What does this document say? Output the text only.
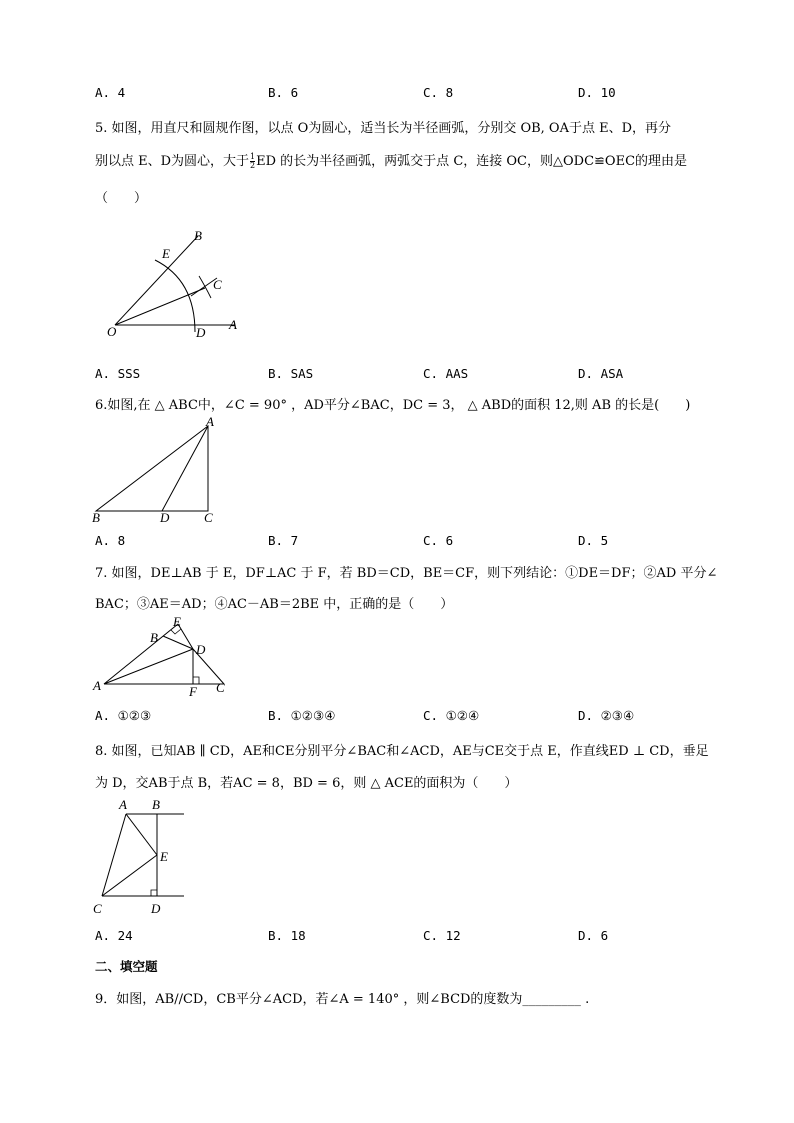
A. 4	B. 6	C. 8	D. 10
5. 如图，用直尺和圆规作图，以点 O为圆心，适当长为半径画弧，分别交 OB, OA于点 E、D，再分
别以点 E、D为圆心，大于 $\frac{1}{2}$ ED 的长为半径画弧，两弧交于点 C，连接 OC，则△ODC≌OEC的理由是
（　　）
B
E
C
O	D
A
A. SSS	B. SAS	C. AAS	D. ASA
6.如图,在 △ ABC中，∠C = 90° ，AD平分∠BAC，DC = 3， △ ABD的面积 12,则 AB 的长是(　　)
A
B	D	C
A. 8	B. 7	C. 6	D. 5
7. 如图，DE⊥AB 于 E，DF⊥AC 于 F，若 BD＝CD，BE＝CF，则下列结论：①DE＝DF；②AD 平分∠
BAC；③AE＝AD；④AC－AB＝2BE 中，正确的是（　　）
E
B
D
A	F C
A. ①②③	B. ①②③④	C. ①②④	D. ②③④
8. 如图，已知AB ∥ CD，AE和CE分别平分∠BAC和∠ACD，AE与CE交于点 E，作直线ED ⊥ CD，垂足
为 D，交AB于点 B，若AC = 8，BD = 6，则 △ ACE的面积为（　　）
A B
E
C	D
A. 24	B. 18	C. 12	D. 6
二、填空题
9．如图，AB//CD，CB平分∠ACD，若∠A = 140° ，则∠BCD的度数为_________ .
